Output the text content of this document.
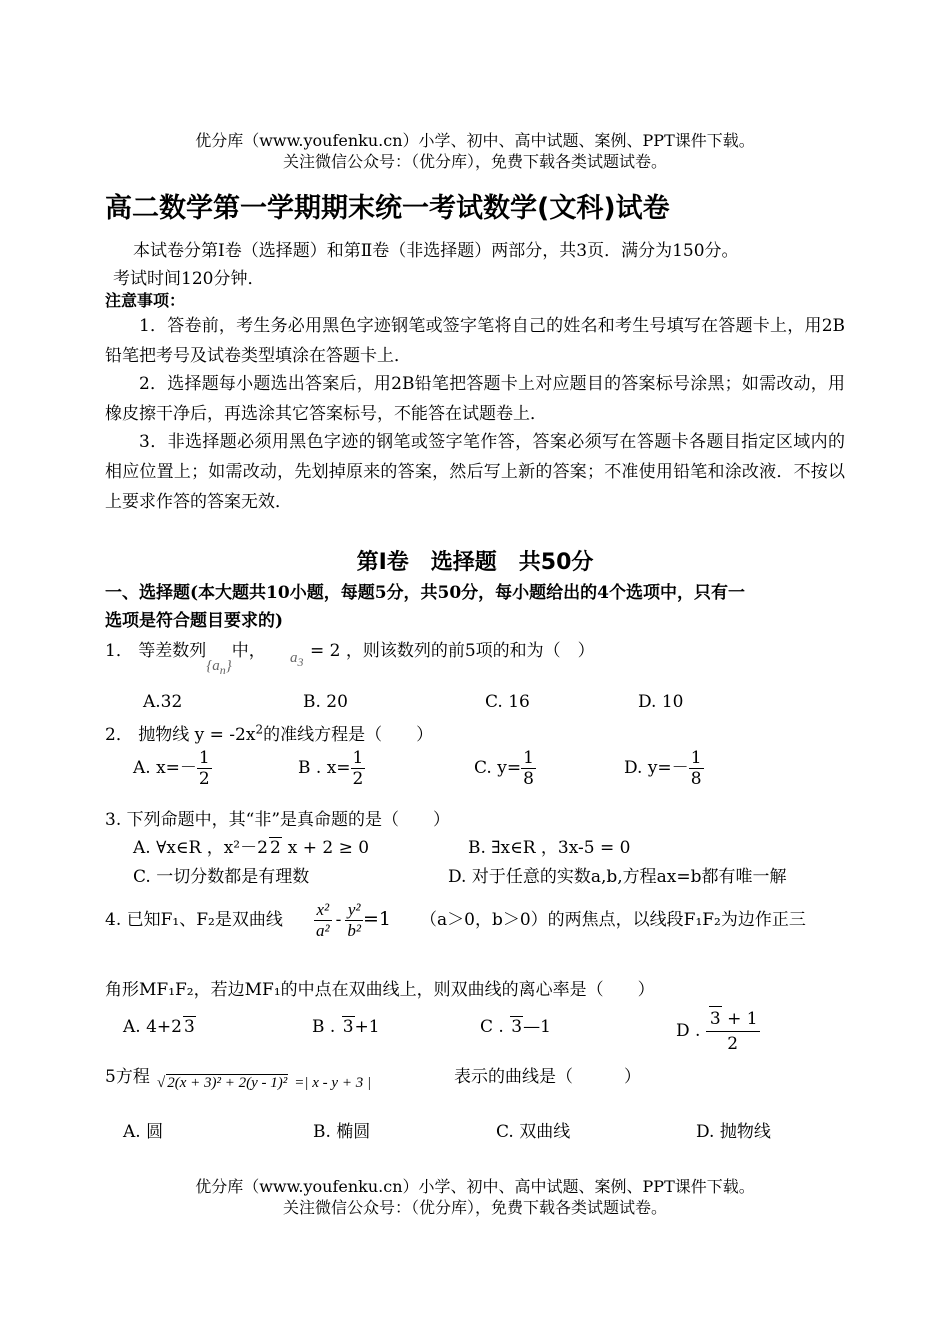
优分库（www.youfenku.cn）小学、初中、高中试题、案例、PPT课件下载。
关注微信公众号：（优分库），免费下载各类试题试卷。
高二数学第一学期期末统一考试数学(文科)试卷
本试卷分第Ⅰ卷（选择题）和第Ⅱ卷（非选择题）两部分，共3页．满分为150分。
考试时间120分钟．
注意事项：
1．答卷前，考生务必用黑色字迹钢笔或签字笔将自己的姓名和考生号填写在答题卡上，用2B铅笔把考号及试卷类型填涂在答题卡上．
2．选择题每小题选出答案后，用2B铅笔把答题卡上对应题目的答案标号涂黑；如需改动，用橡皮擦干净后，再选涂其它答案标号，不能答在试题卷上．
3．非选择题必须用黑色字迹的钢笔或签字笔作答，答案必须写在答题卡各题目指定区域内的相应位置上；如需改动，先划掉原来的答案，然后写上新的答案；不准使用铅笔和涂改液．不按以上要求作答的答案无效．
第Ⅰ卷　选择题　共50分
一、选择题(本大题共10小题，每题5分，共50分，每小题给出的4个选项中，只有一
选项是符合题目要求的)
1． 等差数列$\{a_n\}$中， $a_3$
= 2 ，则该数列的前5项的和为（　）
A.32	B. 20	C. 16	D. 10
2． 抛物线 $y = -2x^2$的准线方程是（　　）
A. $x=- \frac{1}{2}$	B . $x= \frac{1}{2}$	C. $y= \frac{1}{8}$	D. $y=- \frac{1}{8}$
3. 下列命题中，其“非”是真命题的是（　　）
A. ∀x∈R ，x²－2 2 x + 2 ≥ 0	B. ∃x∈R ，3x-5 = 0
C. 一切分数都是有理数	D. 对于任意的实数a,b,方程ax=b都有唯一解
4. 已知F₁、F₂是双曲线 $\frac{\text{x²}}{\text{a²}} - \frac{\text{y²}}{\text{b²}} =1$ （a＞0，b＞0）的两焦点，以线段F₁F₂为边作正三
角形MF₁F₂，若边MF₁的中点在双曲线上，则双曲线的离心率是（　　）
A. 4+2 3	B . 3+1	C . 3—1	D . $\frac{3 + 1}{2}$
5方程 √ 2(x + 3)² + 2(y - 1)² =| x - y + 3 |	表示的曲线是（　　　）
A. 圆	B. 椭圆	C. 双曲线	D. 抛物线
优分库（www.youfenku.cn）小学、初中、高中试题、案例、PPT课件下载。
关注微信公众号：（优分库），免费下载各类试题试卷。
